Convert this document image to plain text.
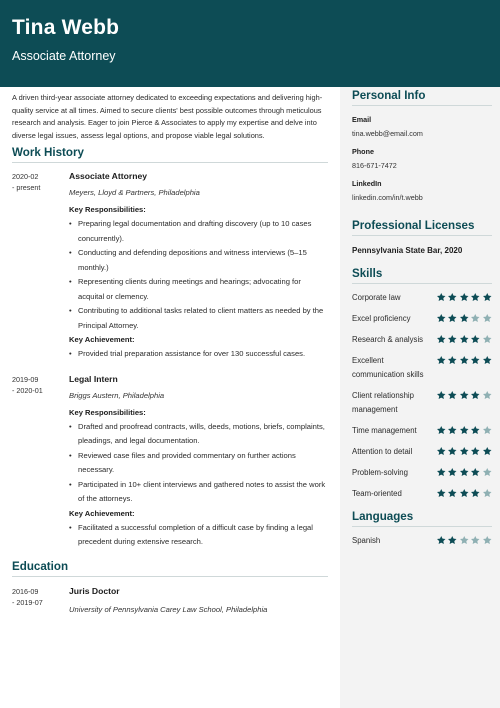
Tina Webb
Associate Attorney

A driven third-year associate attorney dedicated to exceeding expectations and delivering high-quality service at all times. Aimed to secure clients' best possible outcomes through meticulous research and analysis. Eager to join Pierce & Associates to apply my expertise and delve into diverse legal issues, assess legal options, and propose viable legal solutions.

Work History
2020-02
- present
Associate Attorney
Meyers, Lloyd & Partners, Philadelphia
Key Responsibilities:
• Preparing legal documentation and drafting discovery (up to 10 cases concurrently).
• Conducting and defending depositions and witness interviews (5–15 monthly.)
• Representing clients during meetings and hearings; advocating for acquital or clemency.
• Contributing to additional tasks related to client matters as needed by the Principal Attorney.
Key Achievement:
• Provided trial preparation assistance for over 130 successful cases.
2019-09
- 2020-01
Legal Intern
Briggs Austern, Philadelphia
Key Responsibilities:
• Drafted and proofread contracts, wills, deeds, motions, briefs, complaints, pleadings, and legal documentation.
• Reviewed case files and provided commentary on further actions necessary.
• Participated in 10+ client interviews and gathered notes to assist the work of the attorneys.
Key Achievement:
• Facilitated a successful completion of a difficult case by finding a legal precedent during extensive research.
Education
2016-09
- 2019-07
Juris Doctor
University of Pennsylvania Carey Law School, Philadelphia
Personal Info
Email
tina.webb@email.com
Phone
816-671-7472
LinkedIn
linkedin.com/in/t.webb
Professional Licenses
Pennsylvania State Bar, 2020
Skills
Corporate law
Excel proficiency
Research & analysis
Excellent communication skills
Client relationship management
Time management
Attention to detail
Problem-solving
Team-oriented
Languages
Spanish
